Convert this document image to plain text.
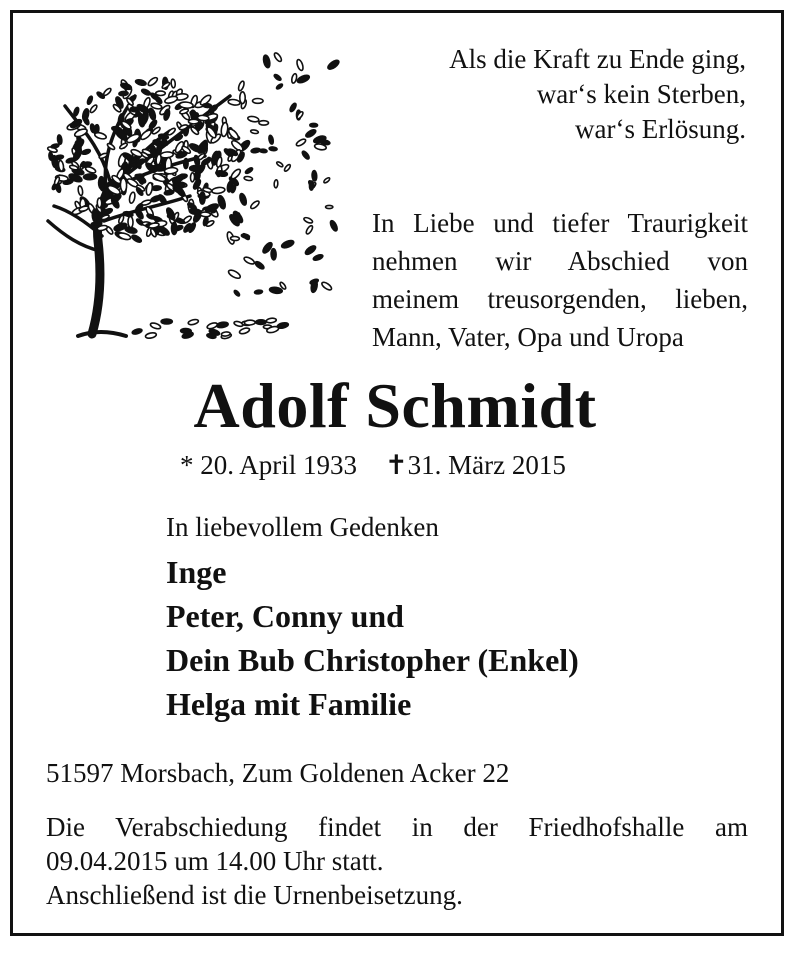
Als die Kraft zu Ende ging,
war‘s kein Sterben,
war‘s Erlösung.
In Liebe und tiefer Traurigkeit
nehmen wir Abschied von
meinem treusorgenden, lieben,
Mann, Vater, Opa und Uropa
Adolf Schmidt
* 20. April 1933 ✝31. März 2015
In liebevollem Gedenken
Inge
Peter, Conny und
Dein Bub Christopher (Enkel)
Helga mit Familie
51597 Morsbach, Zum Goldenen Acker 22
Die Verabschiedung findet in der Friedhofshalle am
09.04.2015 um 14.00 Uhr statt.
Anschließend ist die Urnenbeisetzung.
